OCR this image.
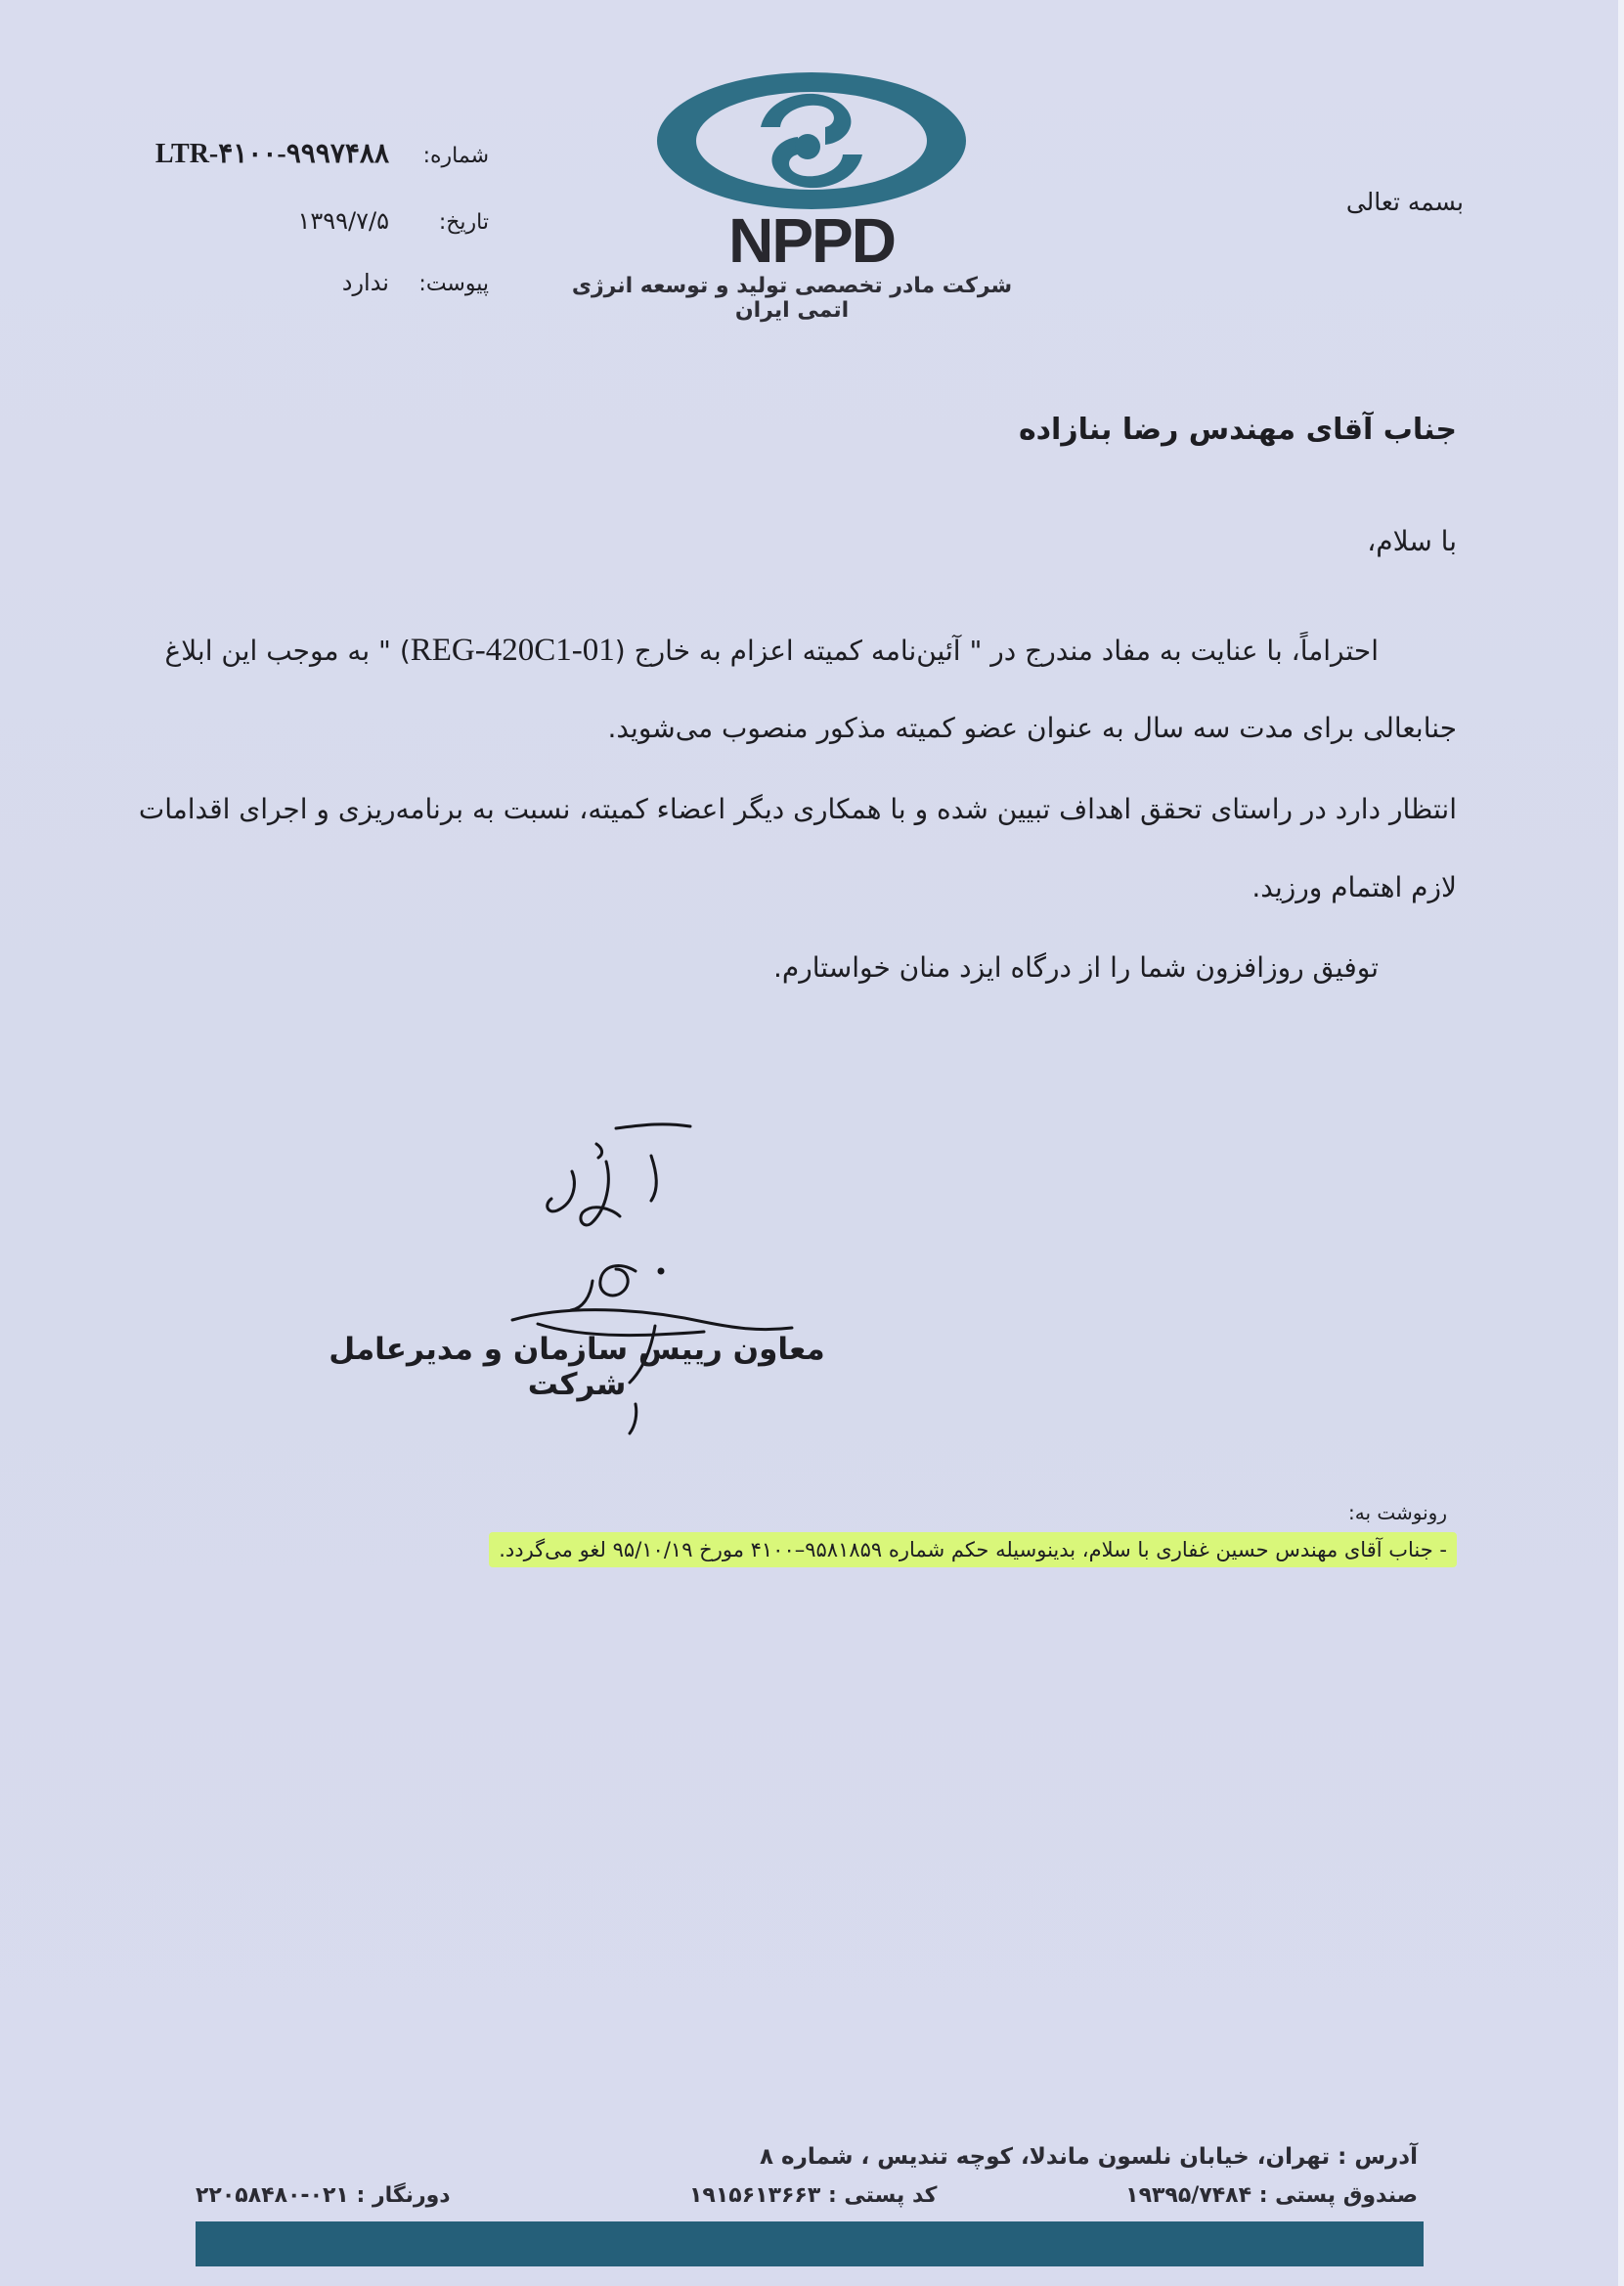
بسمه تعالی
NPPD
شرکت مادر تخصصی تولید و توسعه انرژی اتمی ایران
شماره:
LTR-۴۱۰۰-۹۹۹۷۴۸۸
تاریخ:
۱۳۹۹/۷/۵
پیوست:
ندارد
جناب آقای مهندس رضا بنازاده
با سلام،
احتراماً، با عنایت به مفاد مندرج در " آئین‌نامه کمیته اعزام به خارج (REG-420C1-01) " به موجب این ابلاغ
جنابعالی برای مدت سه سال به عنوان عضو کمیته مذکور منصوب می‌شوید.
انتظار دارد در راستای تحقق اهداف تبیین شده و با همکاری دیگر اعضاء کمیته، نسبت به برنامه‌ریزی و اجرای اقدامات
لازم اهتمام ورزید.
توفیق روزافزون شما را از درگاه ایزد منان خواستارم.
معاون رییس سازمان و مدیرعامل شرکت
رونوشت به:
- جناب آقای مهندس حسین غفاری با سلام، بدینوسیله حکم شماره ۹۵۸۱۸۵۹–۴۱۰۰ مورخ ۹۵/۱۰/۱۹ لغو می‌گردد.
آدرس : تهران، خیابان نلسون ماندلا، کوچه تندیس ، شماره ۸
صندوق پستی : ۱۹۳۹۵/۷۴۸۴
کد پستی : ۱۹۱۵۶۱۳۶۶۳
دورنگار : ۰۲۱-۲۲۰۵۸۴۸۰
